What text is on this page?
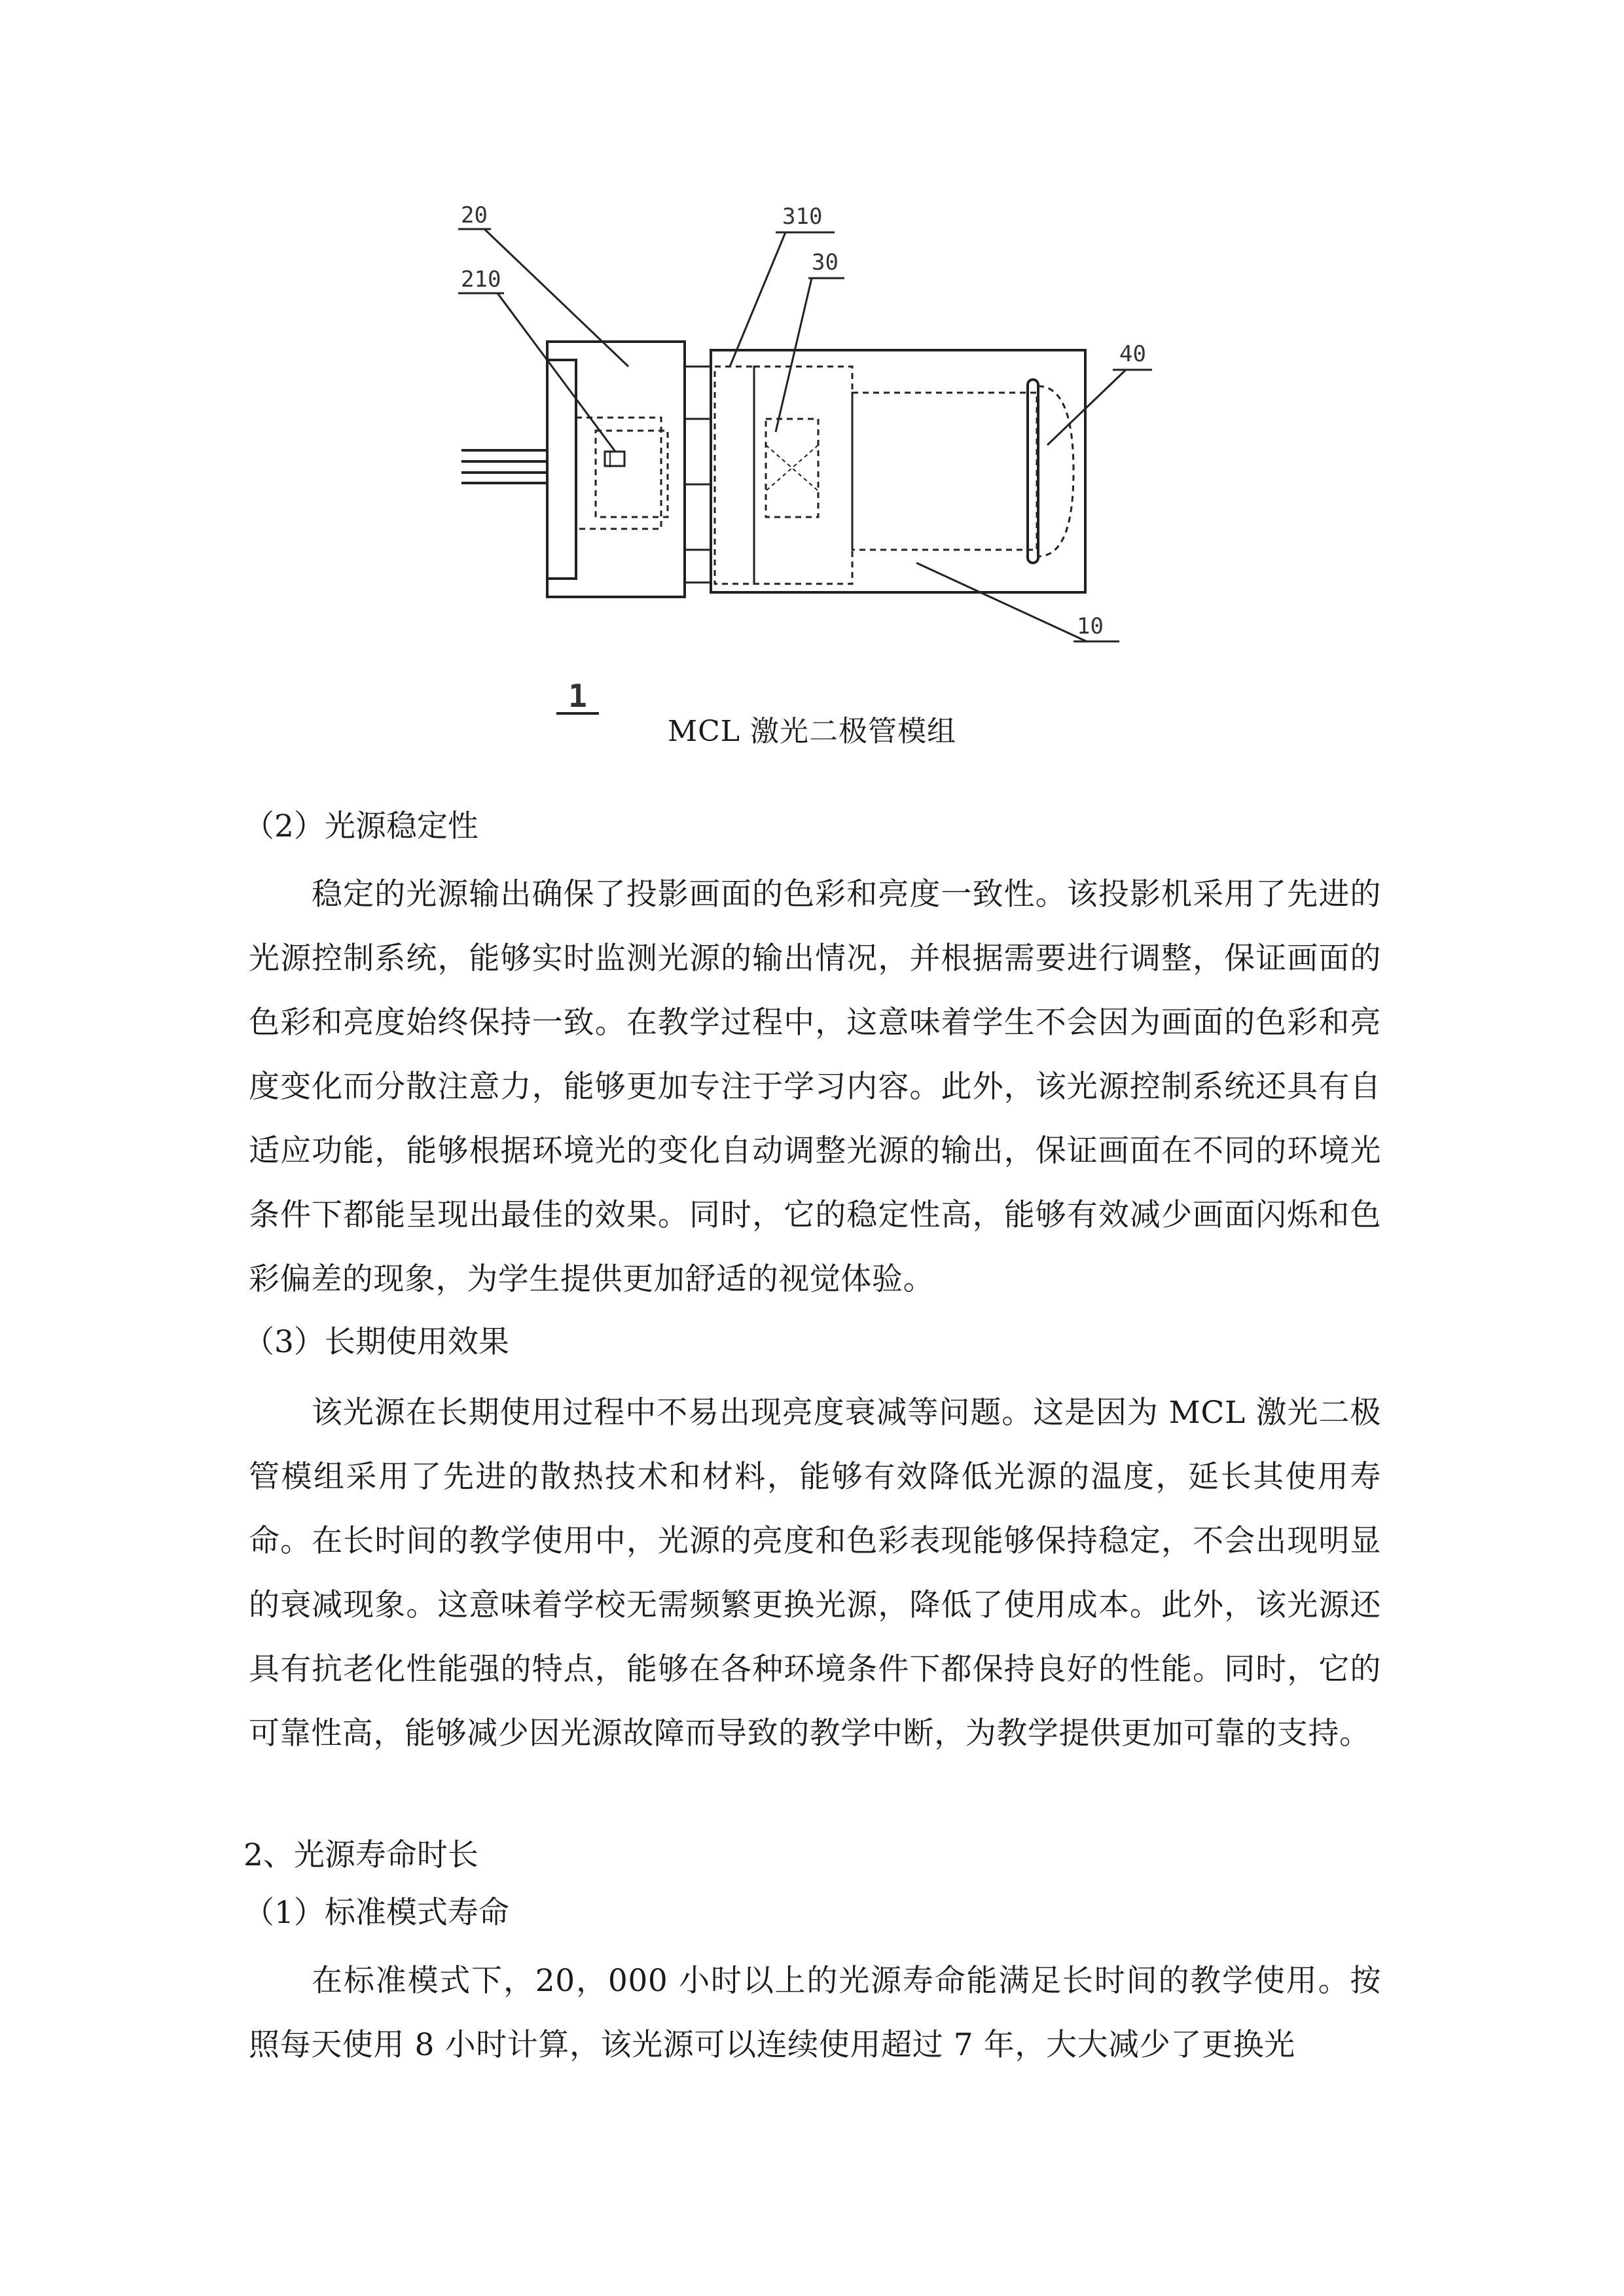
20
210
310
30
40
10
1
MCL 激光二极管模组
（2）光源稳定性

稳定的光源输出确保了投影画面的色彩和亮度一致性。该投影机采用了先进的光源控制系统，能够实时监测光源的输出情况，并根据需要进行调整，保证画面的色彩和亮度始终保持一致。在教学过程中，这意味着学生不会因为画面的色彩和亮度变化而分散注意力，能够更加专注于学习内容。此外，该光源控制系统还具有自适应功能，能够根据环境光的变化自动调整光源的输出，保证画面在不同的环境光条件下都能呈现出最佳的效果。同时，它的稳定性高，能够有效减少画面闪烁和色彩偏差的现象，为学生提供更加舒适的视觉体验。

（3）长期使用效果

该光源在长期使用过程中不易出现亮度衰减等问题。这是因为 MCL 激光二极管模组采用了先进的散热技术和材料，能够有效降低光源的温度，延长其使用寿命。在长时间的教学使用中，光源的亮度和色彩表现能够保持稳定，不会出现明显的衰减现象。这意味着学校无需频繁更换光源，降低了使用成本。此外，该光源还具有抗老化性能强的特点，能够在各种环境条件下都保持良好的性能。同时，它的可靠性高，能够减少因光源故障而导致的教学中断，为教学提供更加可靠的支持。

2、光源寿命时长
（1）标准模式寿命

在标准模式下，20，000 小时以上的光源寿命能满足长时间的教学使用。按照每天使用 8 小时计算，该光源可以连续使用超过 7 年，大大减少了更换光
